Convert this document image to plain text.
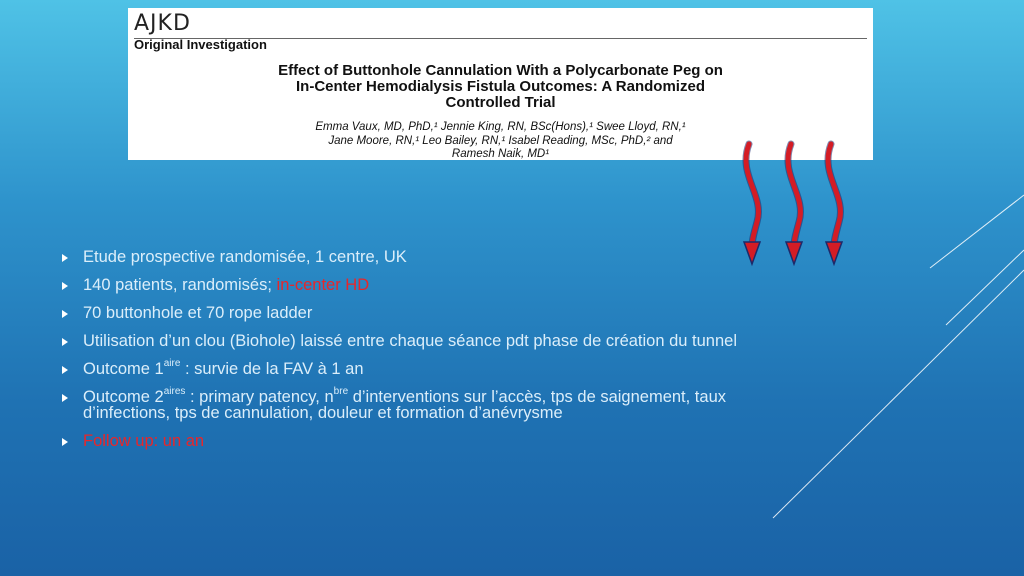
AJKD
Original Investigation
Effect of Buttonhole Cannulation With a Polycarbonate Peg on
In-Center Hemodialysis Fistula Outcomes: A Randomized
Controlled Trial
Emma Vaux, MD, PhD,¹ Jennie King, RN, BSc(Hons),¹ Swee Lloyd, RN,¹
Jane Moore, RN,¹ Leo Bailey, RN,¹ Isabel Reading, MSc, PhD,² and
Ramesh Naik, MD¹
Etude prospective randomisée, 1 centre, UK
140 patients, randomisés; in-center HD
70 buttonhole et 70 rope ladder
Utilisation d’un clou (Biohole) laissé entre chaque séance pdt phase de création du tunnel
Outcome $1^{aire}$ : survie de la FAV à 1 an
Outcome $2^{aires}$ : primary patency, $n^{bre}$ d’interventions sur l’accès, tps de saignement, taux d’infections, tps de cannulation, douleur et formation d’anévrysme
Follow up: un an
